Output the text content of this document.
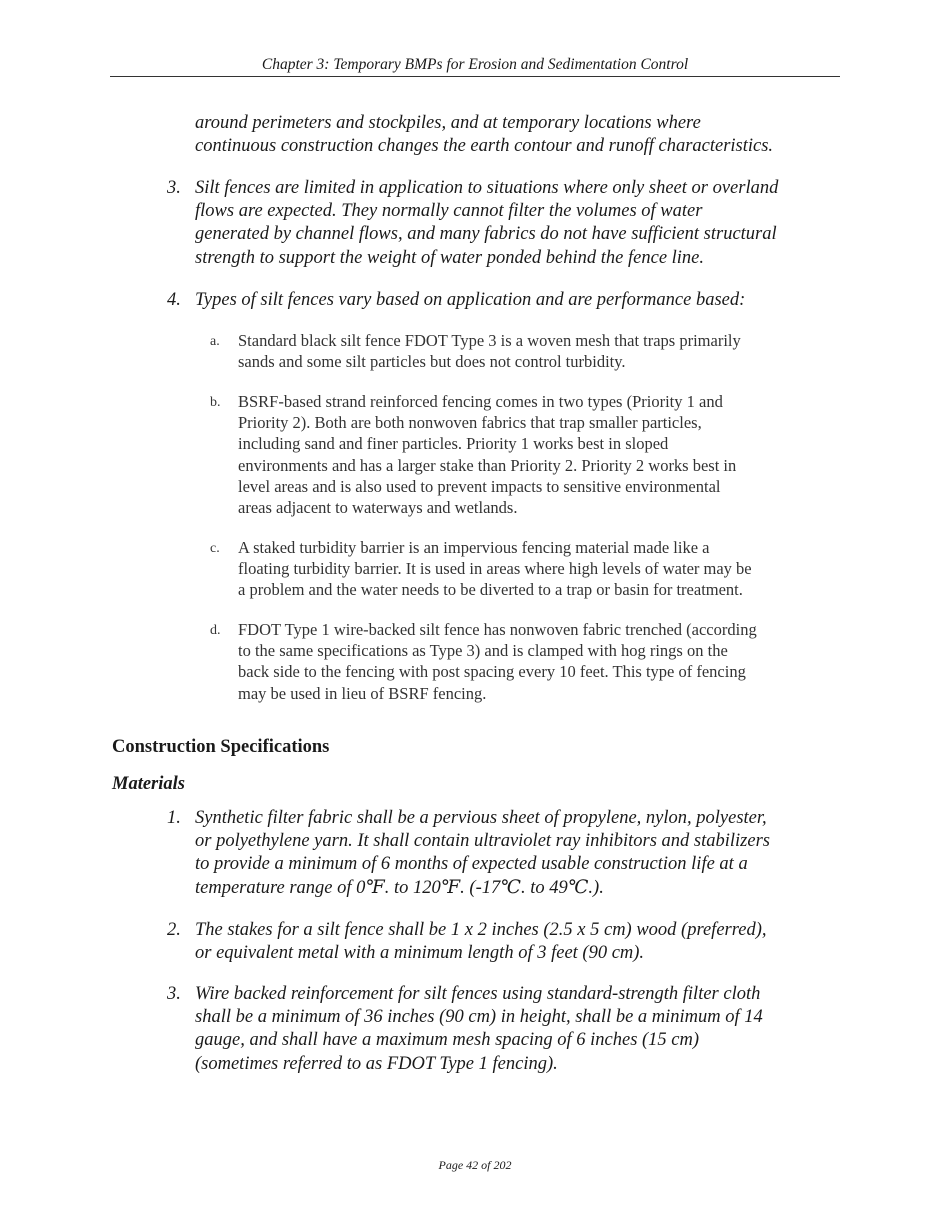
Chapter 3: Temporary BMPs for Erosion and Sedimentation Control
around perimeters and stockpiles, and at temporary locations where
continuous construction changes the earth contour and runoff characteristics.
3. Silt fences are limited in application to situations where only sheet or overland
flows are expected. They normally cannot filter the volumes of water
generated by channel flows, and many fabrics do not have sufficient structural
strength to support the weight of water ponded behind the fence line.
4. Types of silt fences vary based on application and are performance based:
a. Standard black silt fence FDOT Type 3 is a woven mesh that traps primarily
sands and some silt particles but does not control turbidity.
b. BSRF-based strand reinforced fencing comes in two types (Priority 1 and
Priority 2). Both are both nonwoven fabrics that trap smaller particles,
including sand and finer particles. Priority 1 works best in sloped
environments and has a larger stake than Priority 2. Priority 2 works best in
level areas and is also used to prevent impacts to sensitive environmental
areas adjacent to waterways and wetlands.
c. A staked turbidity barrier is an impervious fencing material made like a
floating turbidity barrier. It is used in areas where high levels of water may be
a problem and the water needs to be diverted to a trap or basin for treatment.
d. FDOT Type 1 wire-backed silt fence has nonwoven fabric trenched (according
to the same specifications as Type 3) and is clamped with hog rings on the
back side to the fencing with post spacing every 10 feet. This type of fencing
may be used in lieu of BSRF fencing.
Construction Specifications
Materials
1. Synthetic filter fabric shall be a pervious sheet of propylene, nylon, polyester,
or polyethylene yarn. It shall contain ultraviolet ray inhibitors and stabilizers
to provide a minimum of 6 months of expected usable construction life at a
temperature range of 0℉. to 120℉. (-17℃. to 49℃.).
2. The stakes for a silt fence shall be 1 x 2 inches (2.5 x 5 cm) wood (preferred),
or equivalent metal with a minimum length of 3 feet (90 cm).
3. Wire backed reinforcement for silt fences using standard-strength filter cloth
shall be a minimum of 36 inches (90 cm) in height, shall be a minimum of 14
gauge, and shall have a maximum mesh spacing of 6 inches (15 cm)
(sometimes referred to as FDOT Type 1 fencing).
Page 42 of 202
